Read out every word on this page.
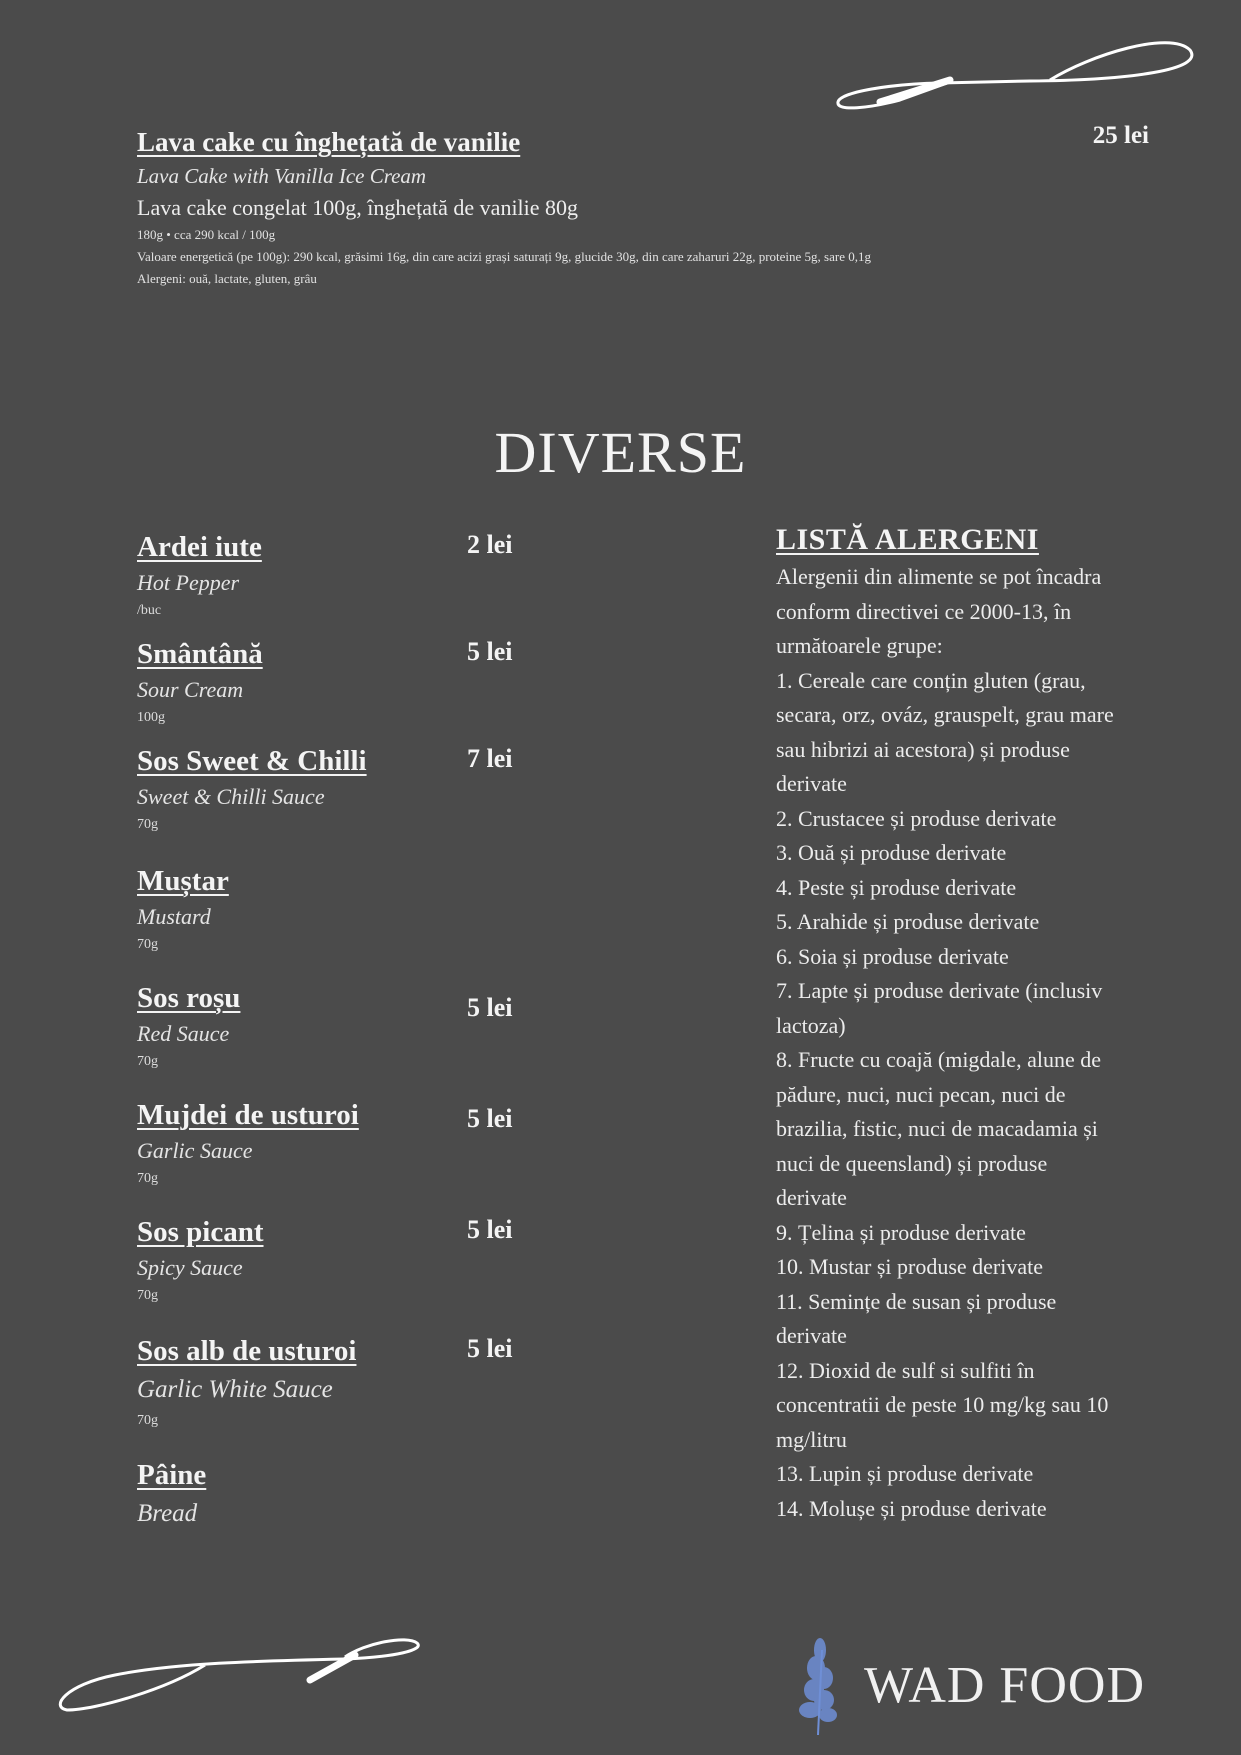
Lava cake cu înghețată de vanilie
Lava Cake with Vanilla Ice Cream
Lava cake congelat 100g, înghețată de vanilie 80g
180g • cca 290 kcal / 100g
Valoare energetică (pe 100g): 290 kcal, grăsimi 16g, din care acizi grași saturați 9g, glucide 30g, din care zaharuri 22g, proteine 5g, sare 0,1g
Alergeni: ouă, lactate, gluten, grâu
25 lei
DIVERSE
Ardei iute
Hot Pepper
/buc
2 lei
Smântână
Sour Cream
100g
5 lei
Sos Sweet & Chilli
Sweet & Chilli Sauce
70g
7 lei
Muștar
Mustard
70g
Sos roșu
Red Sauce
70g
5 lei
Mujdei de usturoi
Garlic Sauce
70g
5 lei
Sos picant
Spicy Sauce
70g
5 lei
Sos alb de usturoi
Garlic White Sauce
70g
5 lei
Pâine
Bread
LISTĂ ALERGENI
Alergenii din alimente se pot încadra
conform directivei ce 2000-13, în
următoarele grupe:
1. Cereale care conțin gluten (grau,
secara, orz, ováz, grauspelt, grau mare
sau hibrizi ai acestora) și produse
derivate
2. Crustacee și produse derivate
3. Ouă și produse derivate
4. Peste și produse derivate
5. Arahide și produse derivate
6. Soia și produse derivate
7. Lapte și produse derivate (inclusiv
lactoza)
8. Fructe cu coajă (migdale, alune de
pădure, nuci, nuci pecan, nuci de
brazilia, fistic, nuci de macadamia și
nuci de queensland) și produse
derivate
9. Țelina și produse derivate
10. Mustar și produse derivate
11. Semințe de susan și produse
derivate
12. Dioxid de sulf si sulfiti în
concentratii de peste 10 mg/kg sau 10
mg/litru
13. Lupin și produse derivate
14. Molușe și produse derivate
WAD FOOD
